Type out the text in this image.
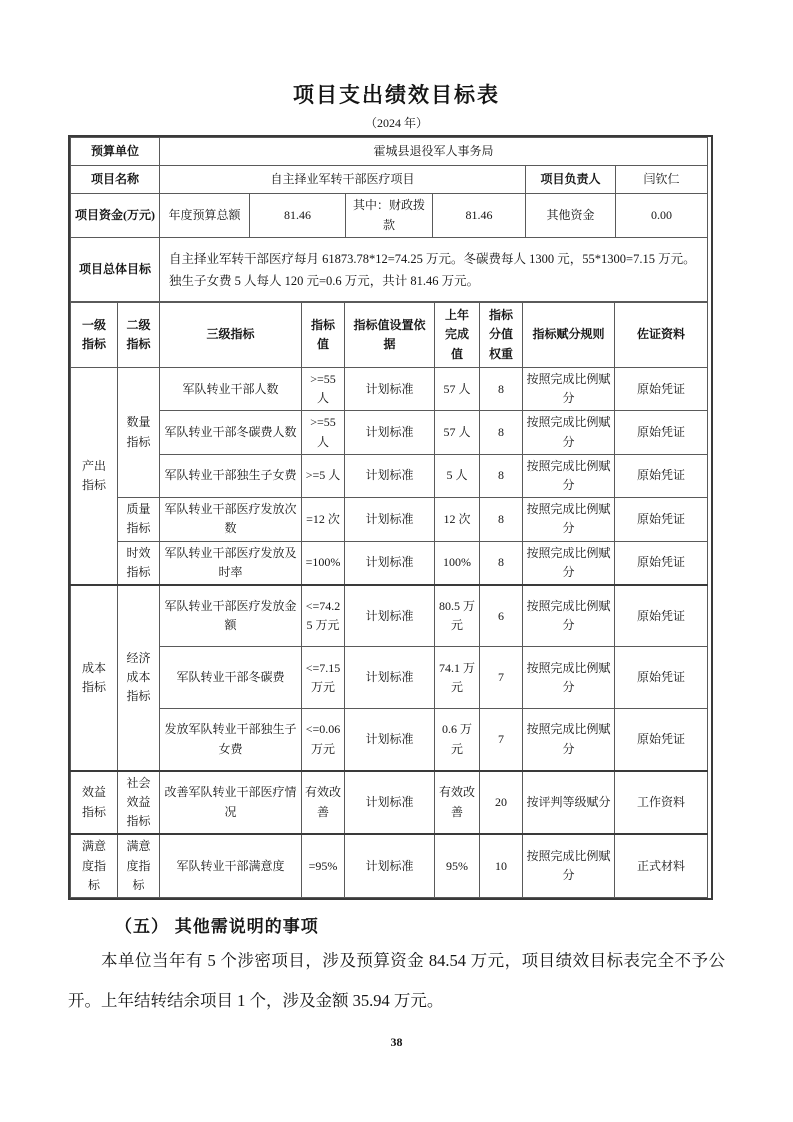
项目支出绩效目标表
（2024 年）
预算单位	霍城县退役军人事务局					
项目名称	自主择业军转干部医疗项目				项目负责人	闫钦仁
项目资金(万元)	年度预算总额	81.46	其中：财政拨款	81.46	其他资金	0.00
项目总体目标	自主择业军转干部医疗每月 61873.78*12=74.25 万元。冬碳费每人 1300 元，55*1300=7.15 万元。独生子女费 5 人每人 120 元=0.6 万元，共计 81.46 万元。					
一级指标	二级指标	三级指标	指标值	指标值设置依据	上年完成值	指标分值权重	指标赋分规则	佐证资料
产出指标	数量指标	军队转业干部人数	>=55 人	计划标准	57 人	8	按照完成比例赋分	原始凭证
		军队转业干部冬碳费人数	>=55 人	计划标准	57 人	8	按照完成比例赋分	原始凭证
		军队转业干部独生子女费	>=5 人	计划标准	5 人	8	按照完成比例赋分	原始凭证
	质量指标	军队转业干部医疗发放次数	=12 次	计划标准	12 次	8	按照完成比例赋分	原始凭证
	时效指标	军队转业干部医疗发放及时率	=100%	计划标准	100%	8	按照完成比例赋分	原始凭证
成本指标	经济成本指标	军队转业干部医疗发放金额	<=74.25 万元	计划标准	80.5 万元	6	按照完成比例赋分	原始凭证
		军队转业干部冬碳费	<=7.15 万元	计划标准	74.1 万元	7	按照完成比例赋分	原始凭证
		发放军队转业干部独生子女费	<=0.06 万元	计划标准	0.6 万元	7	按照完成比例赋分	原始凭证
效益指标	社会效益指标	改善军队转业干部医疗情况	有效改善	计划标准	有效改善	20	按评判等级赋分	工作资料
满意度指标	满意度指标	军队转业干部满意度	=95%	计划标准	95%	10	按照完成比例赋分	正式材料
（五） 其他需说明的事项
本单位当年有 5 个涉密项目，涉及预算资金 84.54 万元，项目绩效目标表完全不予公开。上年结转结余项目 1 个，涉及金额 35.94 万元。
38
